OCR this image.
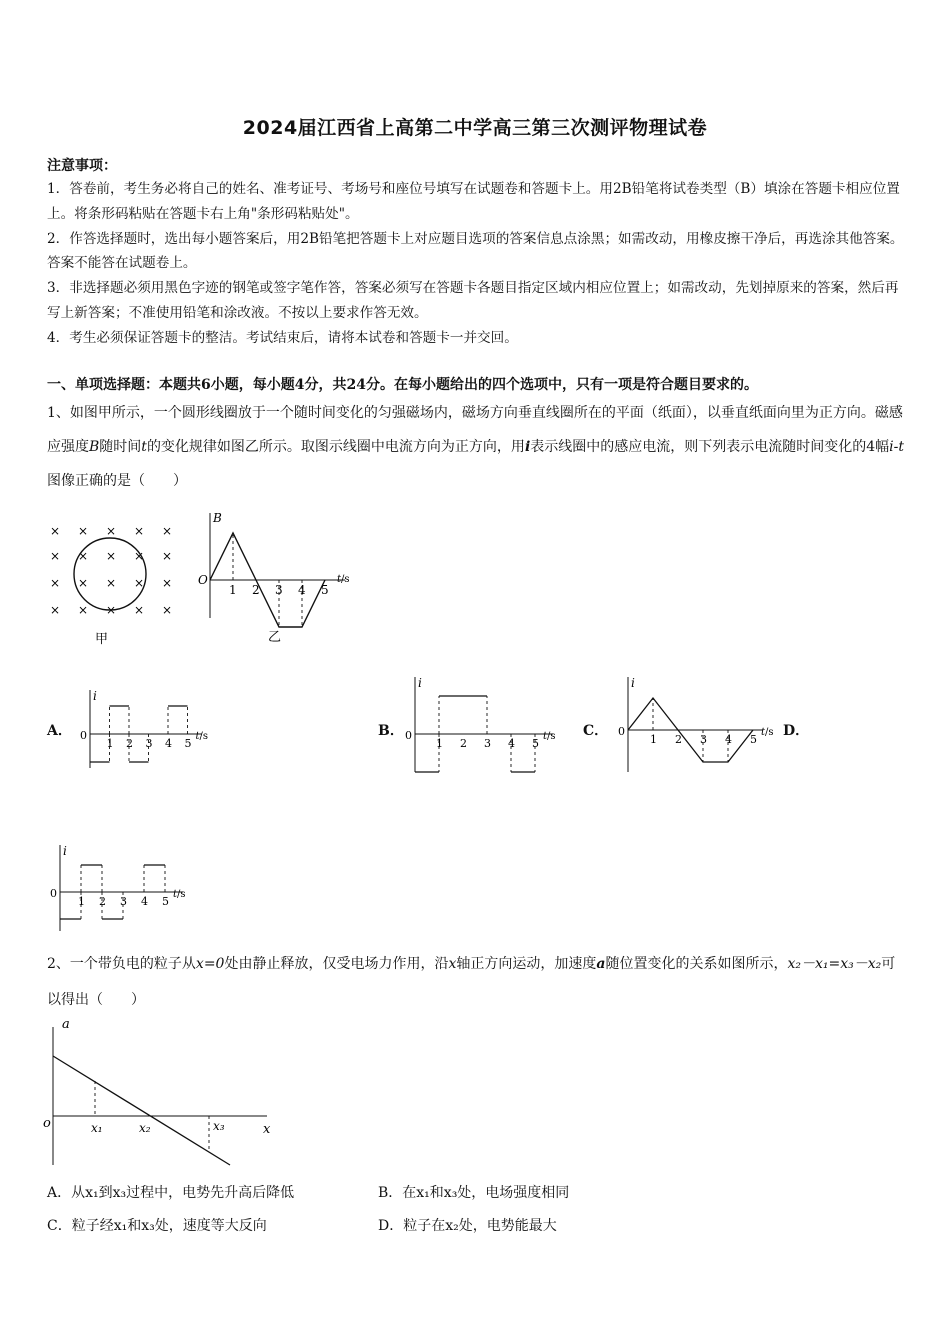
2024届江西省上高第二中学高三第三次测评物理试卷
注意事项：

1．答卷前，考生务必将自己的姓名、准考证号、考场号和座位号填写在试题卷和答题卡上。用2B铅笔将试卷类型（B）填涂在答题卡相应位置上。将条形码粘贴在答题卡右上角"条形码粘贴处"。

2．作答选择题时，选出每小题答案后，用2B铅笔把答题卡上对应题目选项的答案信息点涂黑；如需改动，用橡皮擦干净后，再选涂其他答案。答案不能答在试题卷上。

3．非选择题必须用黑色字迹的钢笔或签字笔作答，答案必须写在答题卡各题目指定区域内相应位置上；如需改动，先划掉原来的答案，然后再写上新答案；不准使用铅笔和涂改液。不按以上要求作答无效。

4．考生必须保证答题卡的整洁。考试结束后，请将本试卷和答题卡一并交回。

一、单项选择题：本题共6小题，每小题4分，共24分。在每小题给出的四个选项中，只有一项是符合题目要求的。
1、如图甲所示，一个圆形线圈放于一个随时间变化的匀强磁场内，磁场方向垂直线圈所在的平面（纸面），以垂直纸面向里为正方向。磁感应强度B随时间t的变化规律如图乙所示。取图示线圈中电流方向为正方向，用i表示线圈中的感应电流，则下列表示电流随时间变化的4幅i-t图像正确的是（　　）
× × × × ×
× × × × ×
× × × × ×
× × × × ×
甲
B
O
1 2 3 4 5
t/s
乙
A．
i
0
1 2 3 4 5
t/s	B．
i
0
1 2 3 4 5
t/s C．
i
0
1 2 3 4 5
t/s D．
i
0
1 2 3 4 5
t/s
2、一个带负电的粒子从x=0处由静止释放，仅受电场力作用，沿x轴正方向运动，加速度a随位置变化的关系如图所示，x₂－x₁=x₃－x₂可以得出（　　）
a
o	x₁	x₂	x₃	x
A．从x₁到x₃过程中，电势先升高后降低	B．在x₁和x₃处，电场强度相同
C．粒子经x₁和x₃处，速度等大反向	D．粒子在x₂处，电势能最大
